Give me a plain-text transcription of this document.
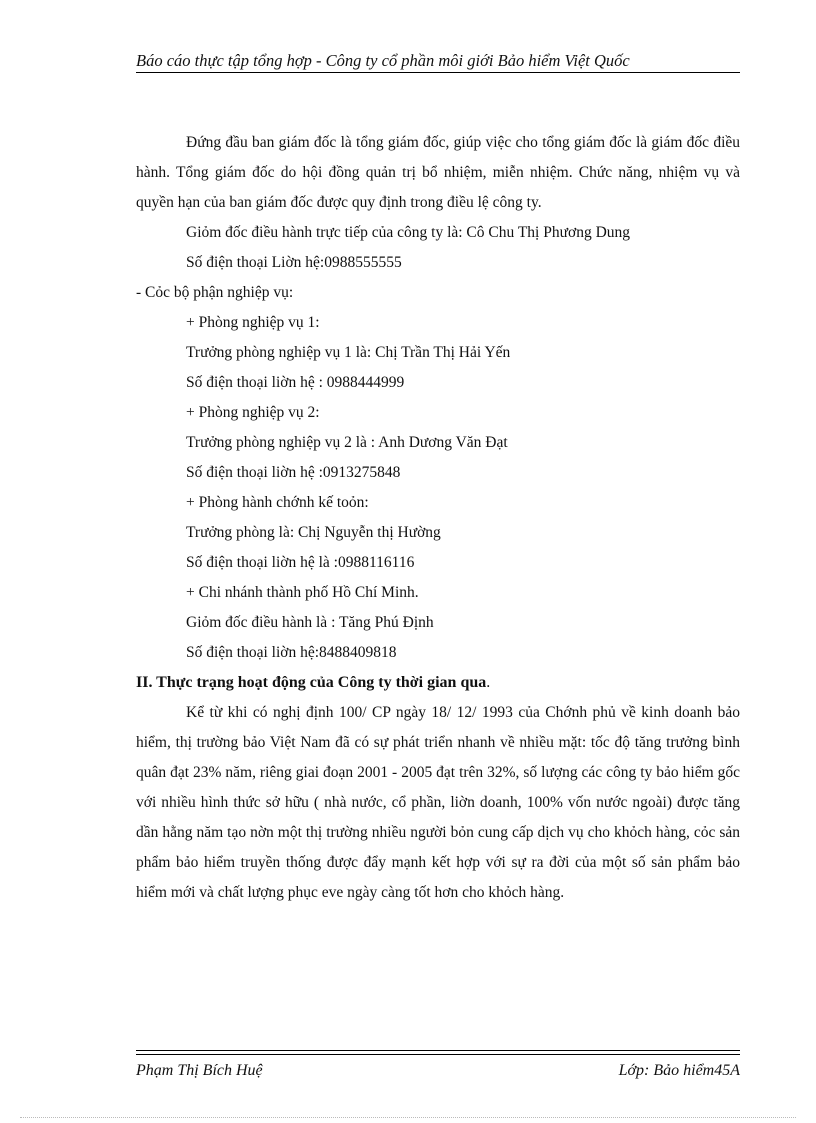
Báo cáo thực tập tổng hợp - Công ty cổ phần môi giới Bảo hiểm Việt Quốc

Đứng đầu ban giám đốc là tổng giám đốc, giúp việc cho tổng giám đốc là giám đốc điều hành. Tổng giám đốc do hội đồng quản trị bổ nhiệm, miễn nhiệm. Chức năng, nhiệm vụ và quyền hạn của ban giám đốc được quy định trong điều lệ công ty.

Giỏm đốc điều hành trực tiếp của công ty là: Cô Chu Thị Phương Dung

Số điện thoại Liờn hệ:0988555555

- Cỏc bộ phận nghiệp vụ:

+ Phòng nghiệp vụ 1:

Trưởng phòng nghiệp vụ 1 là: Chị Trần Thị Hải Yến

Số điện thoại liờn hệ : 0988444999

+ Phòng nghiệp vụ 2:

Trưởng phòng nghiệp vụ 2 là : Anh Dương Văn Đạt

Số điện thoại liờn hệ :0913275848

+ Phòng hành chớnh kế toỏn:

Trưởng phòng là: Chị Nguyễn thị Hường

Số điện thoại liờn hệ là :0988116116

+ Chi nhánh thành phố Hồ Chí Minh.

Giỏm đốc điều hành là : Tăng Phú Định

Số điện thoại liờn hệ:8488409818

II. Thực trạng hoạt động của Công ty thời gian qua.

Kể từ khi có nghị định 100/ CP ngày 18/ 12/ 1993 của Chớnh phủ về kinh doanh bảo hiểm, thị trường bảo Việt Nam đã có sự phát triển nhanh về nhiều mặt: tốc độ tăng trưởng bình quân đạt 23% năm, riêng giai đoạn 2001 - 2005 đạt trên 32%, số lượng các công ty bảo hiểm gốc với nhiều hình thức sở hữu ( nhà nước, cổ phần, liờn doanh, 100% vốn nước ngoài) được tăng dần hằng năm tạo nờn một thị trường nhiều người bỏn cung cấp dịch vụ cho khỏch hàng, cỏc sản phẩm bảo hiểm truyền thống được đẩy mạnh kết hợp với sự ra đời của một số sản phẩm bảo hiểm mới và chất lượng phục eve ngày càng tốt hơn cho khỏch hàng.

Phạm Thị Bích Huệ	Lớp: Bảo hiểm45A
